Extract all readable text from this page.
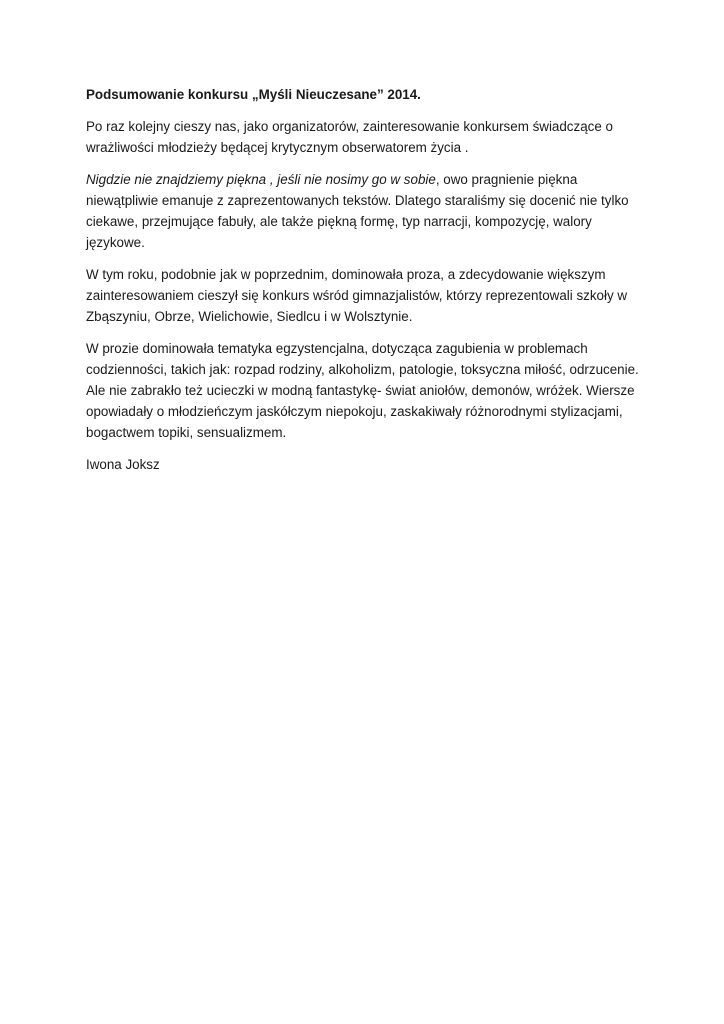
Podsumowanie konkursu „Myśli Nieuczesane” 2014.

Po raz kolejny cieszy nas, jako organizatorów, zainteresowanie konkursem świadczące o wrażliwości młodzieży będącej krytycznym obserwatorem życia .

Nigdzie nie znajdziemy piękna , jeśli nie nosimy go w sobie, owo pragnienie piękna niewątpliwie emanuje z zaprezentowanych tekstów. Dlatego staraliśmy się docenić nie tylko ciekawe, przejmujące fabuły, ale także piękną formę, typ narracji, kompozycję, walory językowe.

W tym roku, podobnie jak w poprzednim, dominowała proza, a zdecydowanie większym zainteresowaniem cieszył się konkurs wśród gimnazjalistów, którzy reprezentowali szkoły w Zbąszyniu, Obrze, Wielichowie, Siedlcu i w Wolsztynie.

W prozie dominowała tematyka egzystencjalna, dotycząca zagubienia w problemach codzienności, takich jak: rozpad rodziny, alkoholizm, patologie, toksyczna miłość, odrzucenie. Ale nie zabrakło też ucieczki w modną fantastykę- świat aniołów, demonów, wróżek. Wiersze opowiadały o młodzieńczym jaskółczym niepokoju, zaskakiwały różnorodnymi stylizacjami, bogactwem topiki, sensualizmem.

Iwona Joksz
